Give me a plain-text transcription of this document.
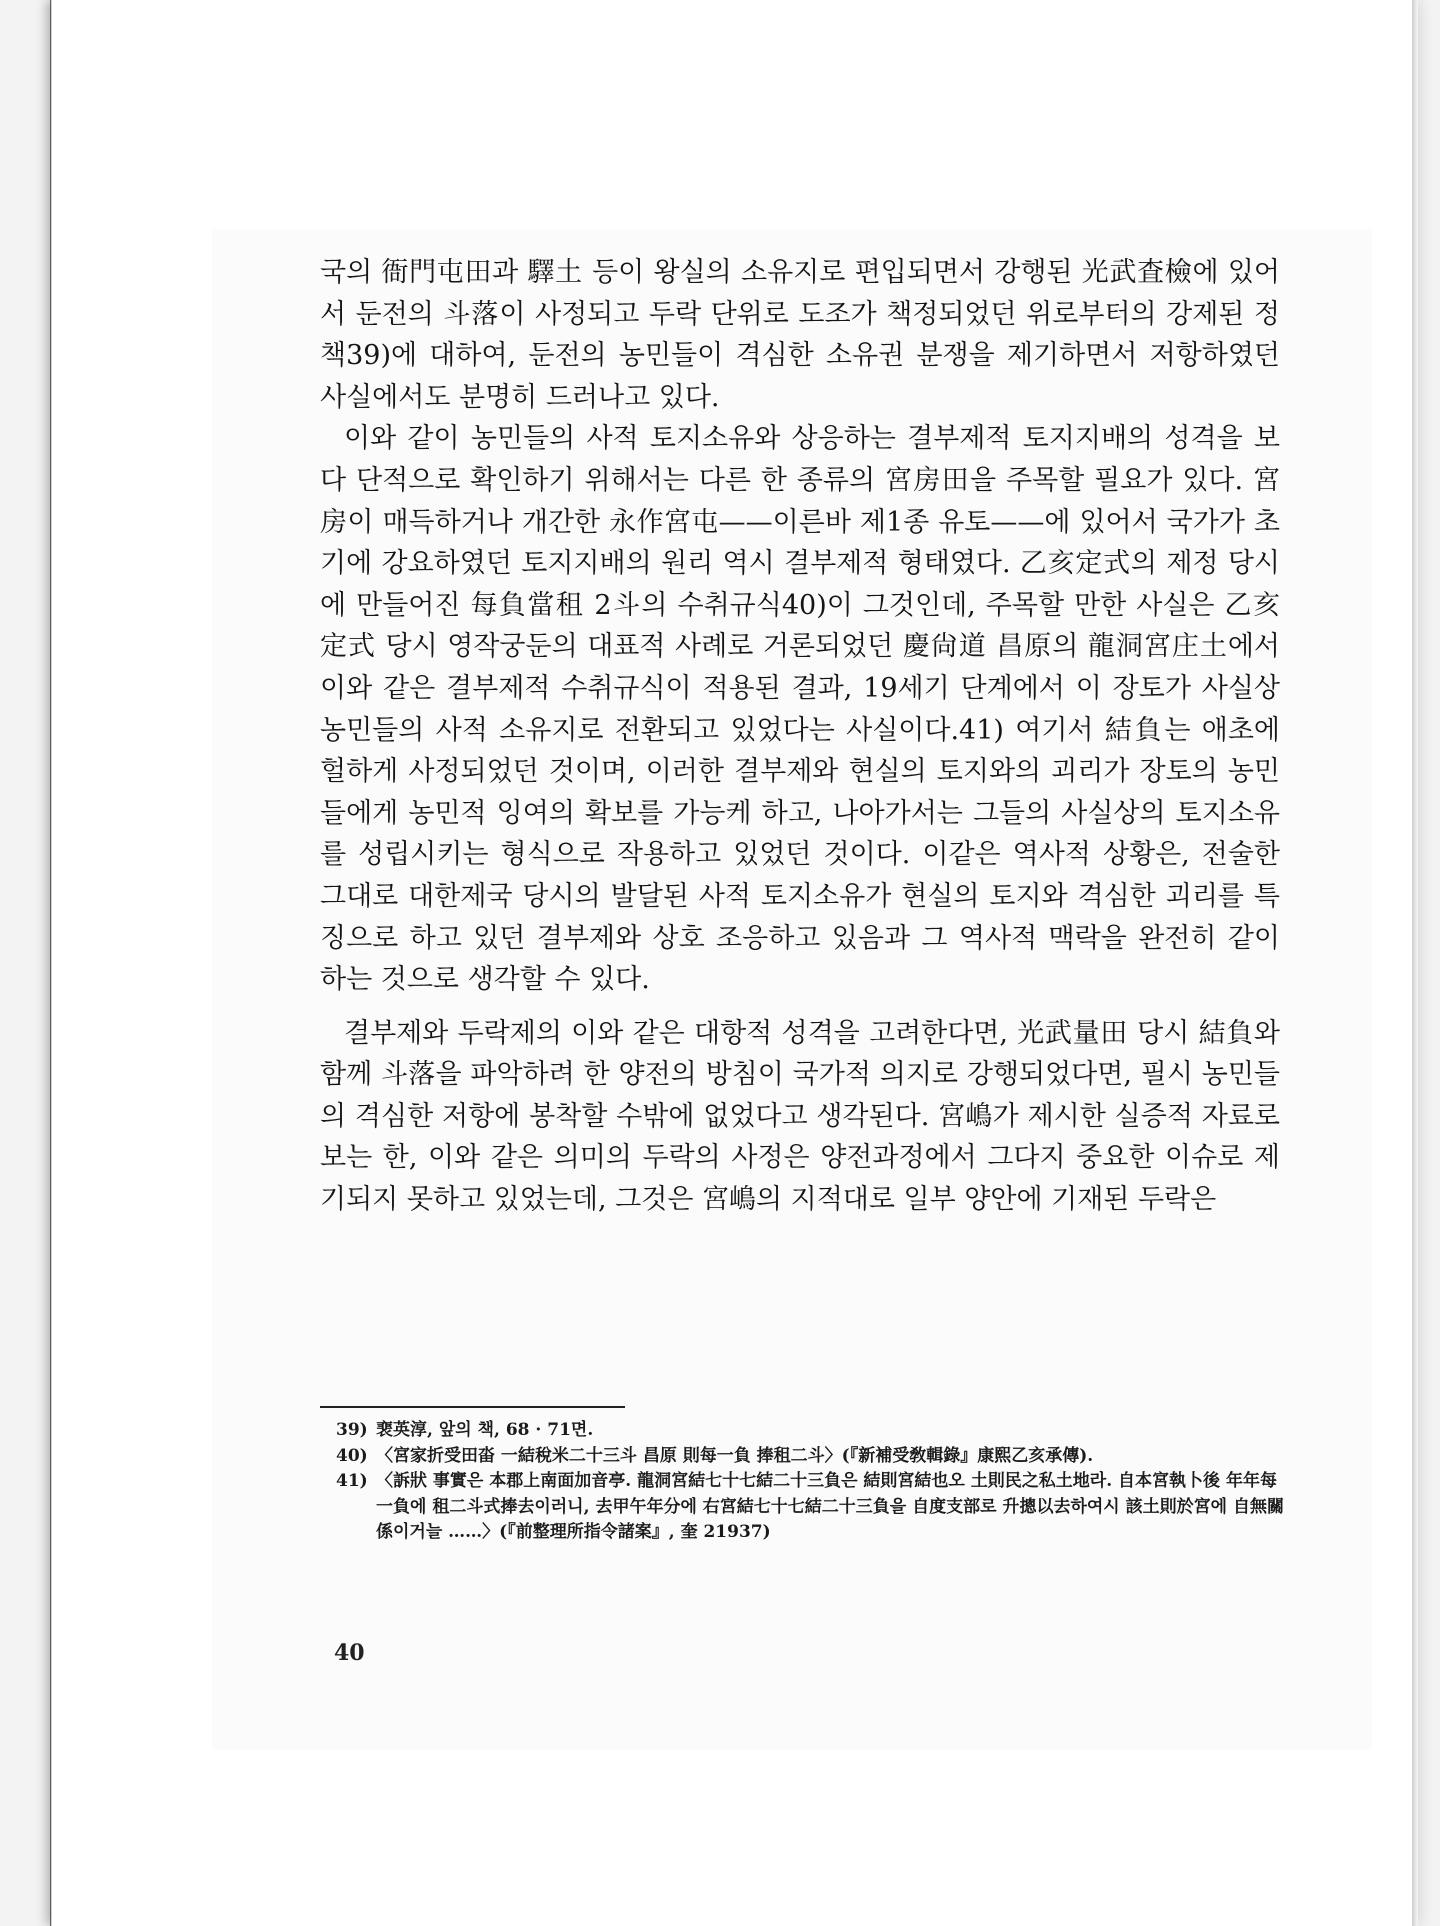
국의 衙門屯田과 驛土 등이 왕실의 소유지로 편입되면서 강행된 光武査檢에 있어서 둔전의 斗落이 사정되고 두락 단위로 도조가 책정되었던 위로부터의 강제된 정책39)에 대하여, 둔전의 농민들이 격심한 소유권 분쟁을 제기하면서 저항하였던 사실에서도 분명히 드러나고 있다.

이와 같이 농민들의 사적 토지소유와 상응하는 결부제적 토지지배의 성격을 보다 단적으로 확인하기 위해서는 다른 한 종류의 宮房田을 주목할 필요가 있다. 宮房이 매득하거나 개간한 永作宮屯——이른바 제1종 유토——에 있어서 국가가 초기에 강요하였던 토지지배의 원리 역시 결부제적 형태였다. 乙亥定式의 제정 당시에 만들어진 每負當租 2斗의 수취규식40)이 그것인데, 주목할 만한 사실은 乙亥定式 당시 영작궁둔의 대표적 사례로 거론되었던 慶尙道 昌原의 龍洞宮庄土에서 이와 같은 결부제적 수취규식이 적용된 결과, 19세기 단계에서 이 장토가 사실상 농민들의 사적 소유지로 전환되고 있었다는 사실이다.41) 여기서 結負는 애초에 헐하게 사정되었던 것이며, 이러한 결부제와 현실의 토지와의 괴리가 장토의 농민들에게 농민적 잉여의 확보를 가능케 하고, 나아가서는 그들의 사실상의 토지소유를 성립시키는 형식으로 작용하고 있었던 것이다. 이같은 역사적 상황은, 전술한 그대로 대한제국 당시의 발달된 사적 토지소유가 현실의 토지와 격심한 괴리를 특징으로 하고 있던 결부제와 상호 조응하고 있음과 그 역사적 맥락을 완전히 같이 하는 것으로 생각할 수 있다.

결부제와 두락제의 이와 같은 대항적 성격을 고려한다면, 光武量田 당시 結負와 함께 斗落을 파악하려 한 양전의 방침이 국가적 의지로 강행되었다면, 필시 농민들의 격심한 저항에 봉착할 수밖에 없었다고 생각된다. 宮嶋가 제시한 실증적 자료로 보는 한, 이와 같은 의미의 두락의 사정은 양전과정에서 그다지 중요한 이슈로 제기되지 못하고 있었는데, 그것은 宮嶋의 지적대로 일부 양안에 기재된 두락은

39) 裵英淳, 앞의 책, 68 · 71면.
40) 〈宮家折受田畓 一結稅米二十三斗 昌原 則每一負 捧租二斗〉(『新補受敎輯錄』康熙乙亥承傳).
41) 〈訴狀 事實은 本郡上南面加音亭. 龍洞宮結七十七結二十三負은 結則宮結也오 土則民之私土地라. 自本宮執卜後 年年每一負에 租二斗式捧去이러니, 去甲午年分에 右宮結七十七結二十三負을 自度支部로 升摠以去하여시 該土則於宮에 自無關係이거늘 ……〉(『前整理所指令諸案』, 奎 21937)
40
